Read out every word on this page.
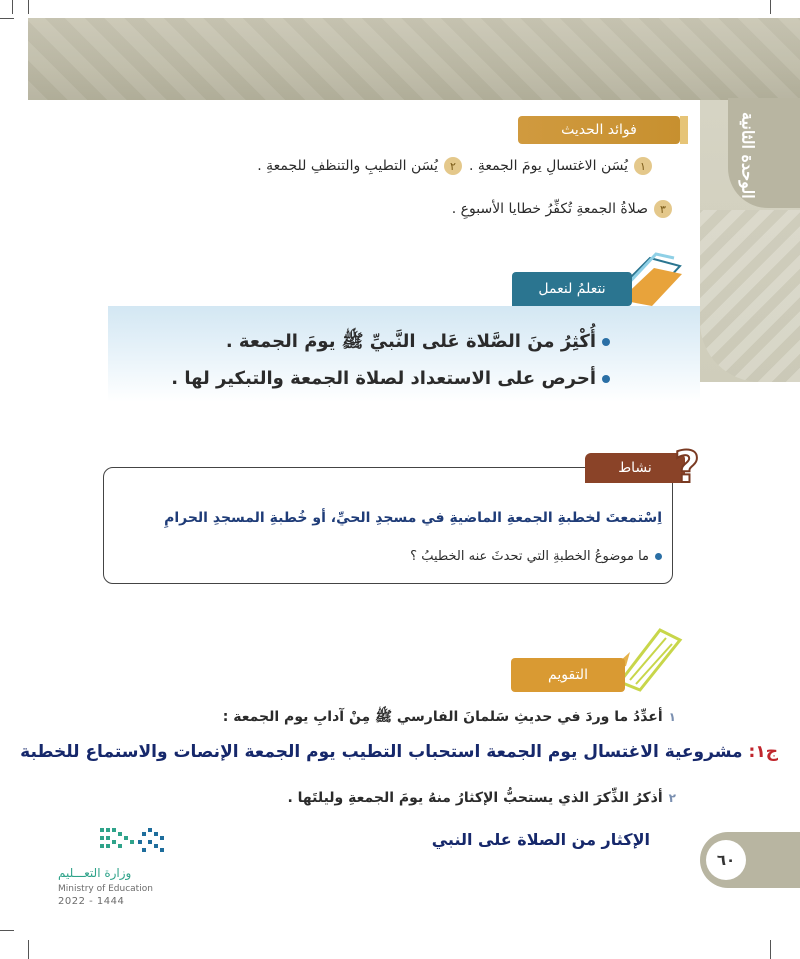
الوحدة الثانية
فوائد الحديث
١يُسَن الاغتسالِ يومَ الجمعةِ .
٢يُسَن التطيبِ والتنظفِ للجمعةِ .
٣صلاةُ الجمعةِ تُكفِّرُ خطايا الأسبوعِ .
نتعلمُ لنعمل
أُكْثِرُ منَ الصَّلاة عَلى النَّبيِّ ﷺ يومَ الجمعة .
أحرص على الاستعداد لصلاة الجمعة والتبكير لها .
نشاط ?
اِسْتمعتَ لخطبةِ الجمعةِ الماضيةِ في مسجدِ الحيِّ، أو خُطبةِ المسجدِ الحرامِ
ما موضوعُ الخطبةِ التي تحدثَ عنه الخطيبُ ؟
التقويم
١أعدِّدُ ما وردَ في حديثِ سَلمانَ الفارسي ﷺ مِنْ آدابِ يوم الجمعة :
ج١:مشروعية الاغتسال يوم الجمعة استحباب التطيب يوم الجمعة الإنصات والاستماع للخطبة
٢أذكرُ الذِّكرَ الذي يستحبُّ الإكثارُ منهُ يومَ الجمعةِ وليلتَها .
الإكثار من الصلاة على النبي
٦٠
وزارة التعـــليم
Ministry of Education
2022 - 1444
